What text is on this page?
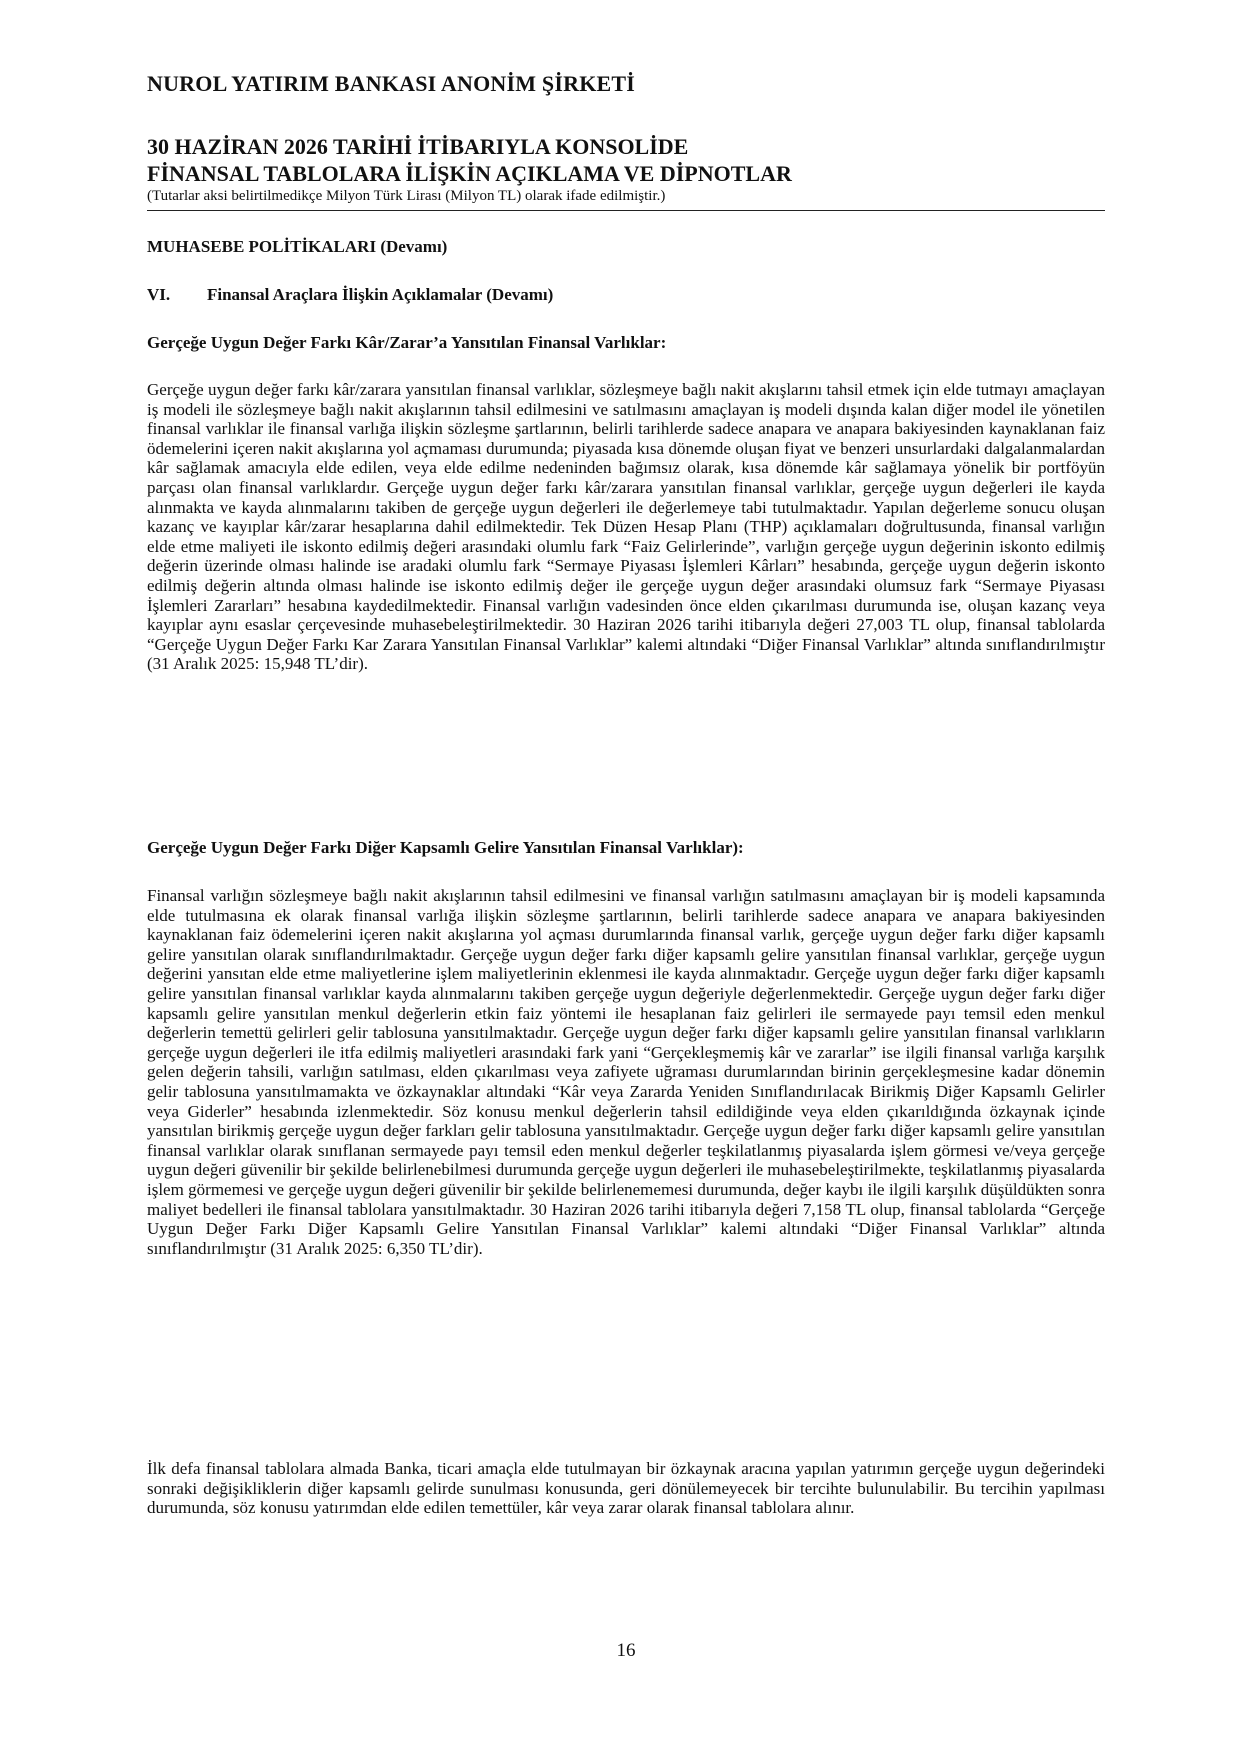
NUROL YATIRIM BANKASI ANONİM ŞİRKETİ
30 HAZİRAN 2026 TARİHİ İTİBARIYLA KONSOLİDE
FİNANSAL TABLOLARA İLİŞKİN AÇIKLAMA VE DİPNOTLAR

(Tutarlar aksi belirtilmedikçe Milyon Türk Lirası (Milyon TL) olarak ifade edilmiştir.)

MUHASEBE POLİTİKALARI (Devamı)
VI. Finansal Araçlara İlişkin Açıklamalar (Devamı)
Gerçeğe Uygun Değer Farkı Kâr/Zarar’a Yansıtılan Finansal Varlıklar:

Gerçeğe uygun değer farkı kâr/zarara yansıtılan finansal varlıklar, sözleşmeye bağlı nakit akışlarını tahsil etmek için elde tutmayı amaçlayan iş modeli ile sözleşmeye bağlı nakit akışlarının tahsil edilmesini ve satılmasını amaçlayan iş modeli dışında kalan diğer model ile yönetilen finansal varlıklar ile finansal varlığa ilişkin sözleşme şartlarının, belirli tarihlerde sadece anapara ve anapara bakiyesinden kaynaklanan faiz ödemelerini içeren nakit akışlarına yol açmaması durumunda; piyasada kısa dönemde oluşan fiyat ve benzeri unsurlardaki dalgalanmalardan kâr sağlamak amacıyla elde edilen, veya elde edilme nedeninden bağımsız olarak, kısa dönemde kâr sağlamaya yönelik bir portföyün parçası olan finansal varlıklardır. Gerçeğe uygun değer farkı kâr/zarara yansıtılan finansal varlıklar, gerçeğe uygun değerleri ile kayda alınmakta ve kayda alınmalarını takiben de gerçeğe uygun değerleri ile değerlemeye tabi tutulmaktadır. Yapılan değerleme sonucu oluşan kazanç ve kayıplar kâr/zarar hesaplarına dahil edilmektedir. Tek Düzen Hesap Planı (THP) açıklamaları doğrultusunda, finansal varlığın elde etme maliyeti ile iskonto edilmiş değeri arasındaki olumlu fark “Faiz Gelirlerinde”, varlığın gerçeğe uygun değerinin iskonto edilmiş değerin üzerinde olması halinde ise aradaki olumlu fark “Sermaye Piyasası İşlemleri Kârları” hesabında, gerçeğe uygun değerin iskonto edilmiş değerin altında olması halinde ise iskonto edilmiş değer ile gerçeğe uygun değer arasındaki olumsuz fark “Sermaye Piyasası İşlemleri Zararları” hesabına kaydedilmektedir. Finansal varlığın vadesinden önce elden çıkarılması durumunda ise, oluşan kazanç veya kayıplar aynı esaslar çerçevesinde muhasebeleştirilmektedir. 30 Haziran 2026 tarihi itibarıyla değeri 27,003 TL olup, finansal tablolarda “Gerçeğe Uygun Değer Farkı Kar Zarara Yansıtılan Finansal Varlıklar” kalemi altındaki “Diğer Finansal Varlıklar” altında sınıflandırılmıştır (31 Aralık 2025: 15,948 TL’dir).

Gerçeğe Uygun Değer Farkı Diğer Kapsamlı Gelire Yansıtılan Finansal Varlıklar):

Finansal varlığın sözleşmeye bağlı nakit akışlarının tahsil edilmesini ve finansal varlığın satılmasını amaçlayan bir iş modeli kapsamında elde tutulmasına ek olarak finansal varlığa ilişkin sözleşme şartlarının, belirli tarihlerde sadece anapara ve anapara bakiyesinden kaynaklanan faiz ödemelerini içeren nakit akışlarına yol açması durumlarında finansal varlık, gerçeğe uygun değer farkı diğer kapsamlı gelire yansıtılan olarak sınıflandırılmaktadır. Gerçeğe uygun değer farkı diğer kapsamlı gelire yansıtılan finansal varlıklar, gerçeğe uygun değerini yansıtan elde etme maliyetlerine işlem maliyetlerinin eklenmesi ile kayda alınmaktadır. Gerçeğe uygun değer farkı diğer kapsamlı gelire yansıtılan finansal varlıklar kayda alınmalarını takiben gerçeğe uygun değeriyle değerlenmektedir. Gerçeğe uygun değer farkı diğer kapsamlı gelire yansıtılan menkul değerlerin etkin faiz yöntemi ile hesaplanan faiz gelirleri ile sermayede payı temsil eden menkul değerlerin temettü gelirleri gelir tablosuna yansıtılmaktadır. Gerçeğe uygun değer farkı diğer kapsamlı gelire yansıtılan finansal varlıkların gerçeğe uygun değerleri ile itfa edilmiş maliyetleri arasındaki fark yani “Gerçekleşmemiş kâr ve zararlar” ise ilgili finansal varlığa karşılık gelen değerin tahsili, varlığın satılması, elden çıkarılması veya zafiyete uğraması durumlarından birinin gerçekleşmesine kadar dönemin gelir tablosuna yansıtılmamakta ve özkaynaklar altındaki “Kâr veya Zararda Yeniden Sınıflandırılacak Birikmiş Diğer Kapsamlı Gelirler veya Giderler” hesabında izlenmektedir. Söz konusu menkul değerlerin tahsil edildiğinde veya elden çıkarıldığında özkaynak içinde yansıtılan birikmiş gerçeğe uygun değer farkları gelir tablosuna yansıtılmaktadır. Gerçeğe uygun değer farkı diğer kapsamlı gelire yansıtılan finansal varlıklar olarak sınıflanan sermayede payı temsil eden menkul değerler teşkilatlanmış piyasalarda işlem görmesi ve/veya gerçeğe uygun değeri güvenilir bir şekilde belirlenebilmesi durumunda gerçeğe uygun değerleri ile muhasebeleştirilmekte, teşkilatlanmış piyasalarda işlem görmemesi ve gerçeğe uygun değeri güvenilir bir şekilde belirlenememesi durumunda, değer kaybı ile ilgili karşılık düşüldükten sonra maliyet bedelleri ile finansal tablolara yansıtılmaktadır. 30 Haziran 2026 tarihi itibarıyla değeri 7,158 TL olup, finansal tablolarda “Gerçeğe Uygun Değer Farkı Diğer Kapsamlı Gelire Yansıtılan Finansal Varlıklar” kalemi altındaki “Diğer Finansal Varlıklar” altında sınıflandırılmıştır (31 Aralık 2025: 6,350 TL’dir).

İlk defa finansal tablolara almada Banka, ticari amaçla elde tutulmayan bir özkaynak aracına yapılan yatırımın gerçeğe uygun değerindeki sonraki değişikliklerin diğer kapsamlı gelirde sunulması konusunda, geri dönülemeyecek bir tercihte bulunulabilir. Bu tercihin yapılması durumunda, söz konusu yatırımdan elde edilen temettüler, kâr veya zarar olarak finansal tablolara alınır.

16
